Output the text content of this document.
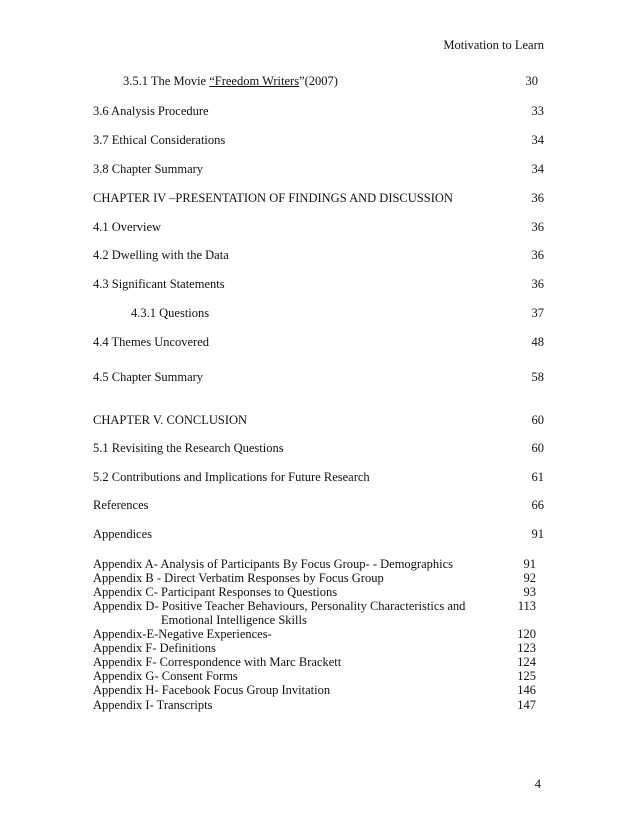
Motivation to Learn
3.5.1 The Movie “Freedom Writers”(2007)	30
3.6 Analysis Procedure	33
3.7 Ethical Considerations	34
3.8 Chapter Summary	34
CHAPTER IV –PRESENTATION OF FINDINGS AND DISCUSSION	36
4.1 Overview	36
4.2 Dwelling with the Data	36
4.3 Significant Statements	36
4.3.1 Questions	37
4.4 Themes Uncovered	48
4.5 Chapter Summary	58
CHAPTER V. CONCLUSION	60
5.1 Revisiting the Research Questions	60
5.2 Contributions and Implications for Future Research	61
References	66
Appendices	91
Appendix A- Analysis of Participants By Focus Group- - Demographics	91
Appendix B - Direct Verbatim Responses by Focus Group	92
Appendix C- Participant Responses to Questions	93
Appendix D- Positive Teacher Behaviours, Personality Characteristics and	113
Emotional Intelligence Skills
Appendix-E-Negative Experiences-	120
Appendix F- Definitions	123
Appendix F- Correspondence with Marc Brackett	124
Appendix G- Consent Forms	125
Appendix H- Facebook Focus Group Invitation	146
Appendix I- Transcripts	147
4
